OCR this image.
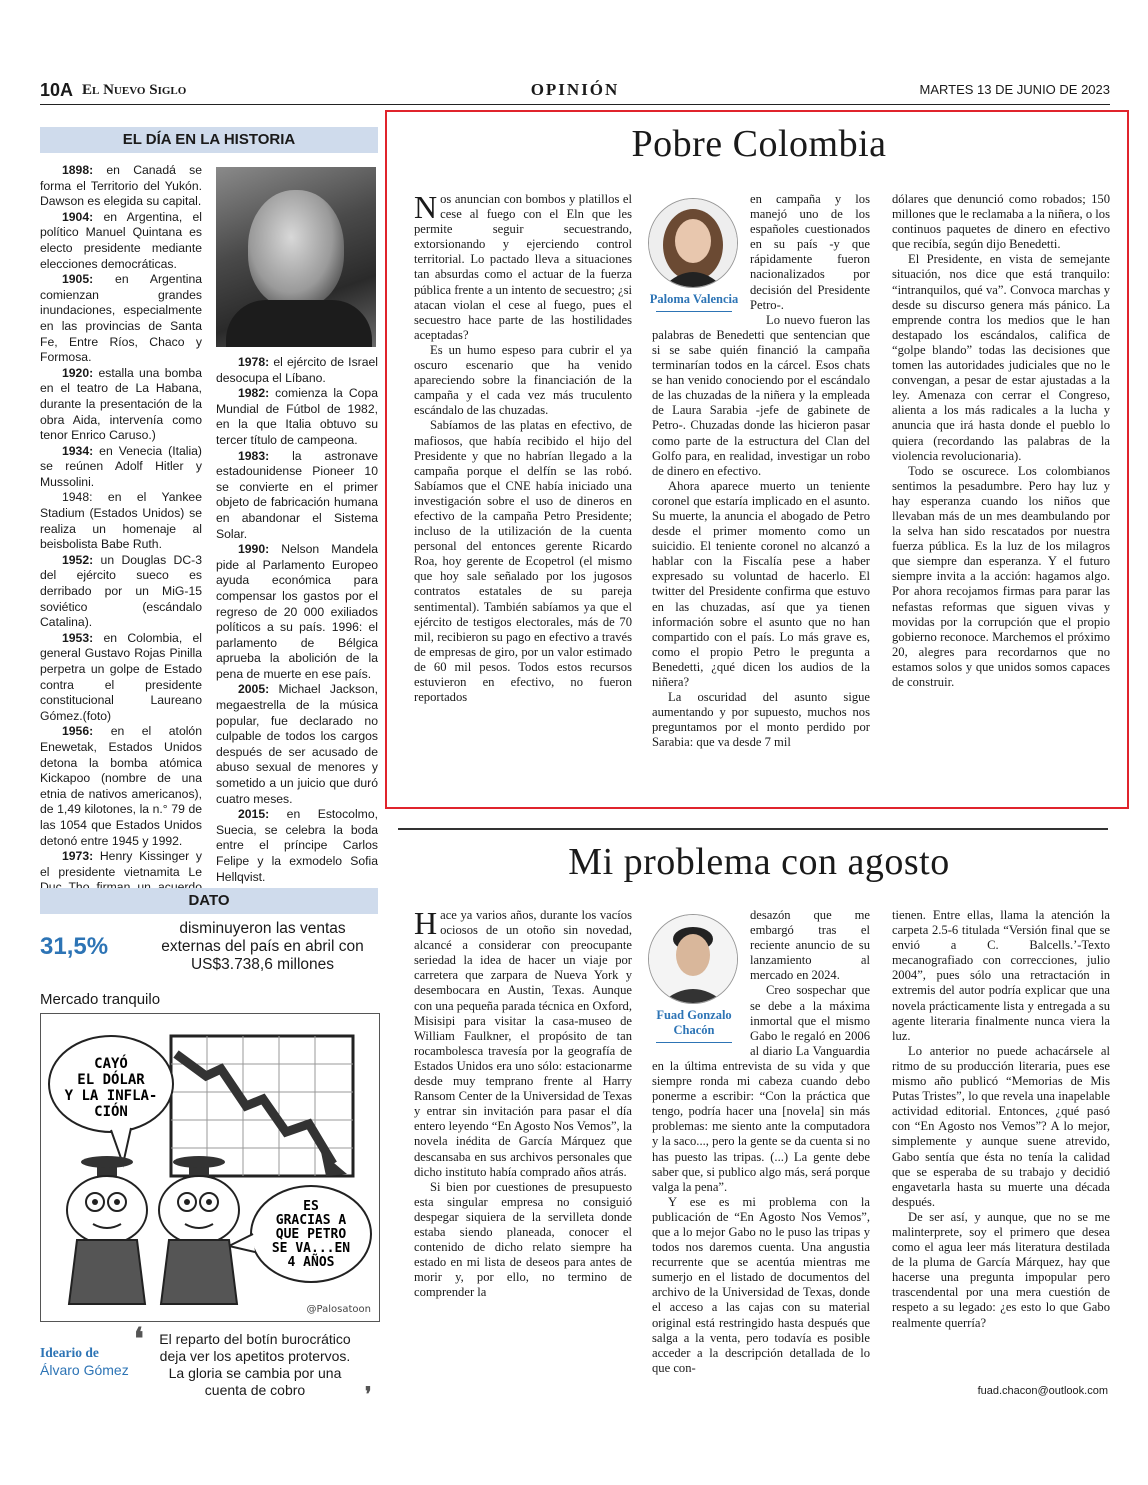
10A El Nuevo Siglo	OPINIÓN	MARTES 13 DE JUNIO DE 2023
EL DÍA EN LA HISTORIA

1898: en Canadá se forma el Territorio del Yukón. Dawson es elegida su capital.

1904: en Argentina, el político Manuel Quintana es electo presidente mediante elecciones democráticas.

1905: en Argentina comienzan grandes inundaciones, especialmente en las provincias de Santa Fe, Entre Ríos, Chaco y Formosa.

1920: estalla una bomba en el teatro de La Habana, durante la presentación de la obra Aida, intervenía como tenor Enrico Caruso.)

1934: en Venecia (Italia) se reúnen Adolf Hitler y Mussolini.

1948: en el Yankee Stadium (Estados Unidos) se realiza un homenaje al beisbolista Babe Ruth.

1952: un Douglas DC-3 del ejército sueco es derribado por un MiG-15 soviético (escándalo Catalina).

1953: en Colombia, el general Gustavo Rojas Pinilla perpetra un golpe de Estado contra el presidente constitucional Laureano Gómez.(foto)

1956: en el atolón Enewetak, Estados Unidos detona la bomba atómica Kickapoo (nombre de una etnia de nativos americanos), de 1,49 kilotones, la n.° 79 de las 1054 que Estados Unidos detonó entre 1945 y 1992.

1973: Henry Kissinger y el presidente vietnamita Le

1978: el ejército de Israel desocupa el Líbano.

1982: comienza la Copa Mundial de Fútbol de 1982, en la que Italia obtuvo su tercer título de campeona.

1983: la astronave estadounidense Pioneer 10 se convierte en el primer objeto de fabricación humana en abandonar el Sistema Solar.

1990: Nelson Mandela pide al Parlamento Europeo ayuda económica para compensar los gastos por el regreso de 20 000 exiliados políticos a su país. 1996: el parlamento de Bélgica aprueba la abolición de la pena de muerte en ese país.

2005: Michael Jackson, megaestrella de la música popular, fue declarado no culpable de todos los cargos después de ser acusado de abuso sexual de menores y sometido a un juicio que duró cuatro meses.

2015: en Estocolmo, Suecia, se celebra la boda entre el príncipe Carlos Felipe y la exmodelo Sofia Hellqvist.

DATO
31,5%
disminuyeron las ventas externas del país en abril con US$3.738,6 millones
Mercado tranquilo
CAYÓ
EL DÓLAR
Y LA INFLA-
CIÓN
ES
GRACIAS A
QUE PETRO
SE VA...EN
4 AÑOS
@Palosatoon
Ideario de
Álvaro Gómez
❛	El reparto del botín burocrático deja ver los apetitos protervos. La gloria se cambia por una cuenta de cobro	❜
Pobre Colombia

Nos anuncian con bombos y platillos el cese al fuego con el Eln que les permite seguir secuestrando, extorsionando y ejerciendo control territorial. Lo pactado lleva a situaciones tan absurdas como el actuar de la fuerza pública frente a un intento de secuestro; ¿si atacan violan el cese al fuego, pues el secuestro hace parte de las hostilidades aceptadas?

Es un humo espeso para cubrir el ya oscuro escenario que ha venido apareciendo sobre la financiación de la campaña y el cada vez más truculento escándalo de las chuzadas.

Sabíamos de las platas en efectivo, de mafiosos, que había recibido el hijo del Presidente y que no habrían llegado a la campaña porque el delfín se las robó. Sabíamos que el CNE había iniciado una investigación sobre el uso de dineros en efectivo de la campaña Petro Presidente; incluso de la utilización de la cuenta personal del entonces gerente Ricardo Roa, hoy gerente de Ecopetrol (el mismo que hoy sale señalado por los jugosos contratos estatales de su pareja sentimental). También sabíamos ya que el ejército de testigos electorales, más de 70 mil, recibieron su pago en efectivo a través de empresas de giro, por un valor estimado de 60 mil pesos. Todos estos recursos estuvieron en efectivo, no fueron reportados

Paloma Valencia

en campaña y los manejó uno de los españoles cuestionados en su país -y que rápidamente fueron nacionalizados por decisión del Presidente Petro-.

Lo nuevo fueron las palabras de Benedetti que sentencian que si se sabe quién financió la campaña terminarían todos en la cárcel. Esos chats se han venido conociendo por el escándalo de las chuzadas de la niñera y la empleada de Laura Sarabia -jefe de gabinete de Petro-. Chuzadas donde las hicieron pasar como parte de la estructura del Clan del Golfo para, en realidad, investigar un robo de dinero en efectivo.

Ahora aparece muerto un teniente coronel que estaría implicado en el asunto. Su muerte, la anuncia el abogado de Petro desde el primer momento como un suicidio. El teniente coronel no alcanzó a hablar con la Fiscalía pese a haber expresado su voluntad de hacerlo. El twitter del Presidente confirma que estuvo en las chuzadas, así que ya tienen información sobre el asunto que no han compartido con el país. Lo más grave es, como el propio Petro le pregunta a Benedetti, ¿qué dicen los audios de la niñera?

La oscuridad del asunto sigue aumentando y por supuesto, muchos nos preguntamos por el monto perdido por Sarabia: que va desde 7 mil

dólares que denunció como robados; 150 millones que le reclamaba a la niñera, o los continuos paquetes de dinero en efectivo que recibía, según dijo Benedetti.

El Presidente, en vista de semejante situación, nos dice que está tranquilo: “intranquilos, qué va”. Convoca marchas y desde su discurso genera más pánico. La emprende contra los medios que le han destapado los escándalos, califica de “golpe blando” todas las decisiones que tomen las autoridades judiciales que no le convengan, a pesar de estar ajustadas a la ley. Amenaza con cerrar el Congreso, alienta a los más radicales a la lucha y anuncia que irá hasta donde el pueblo lo quiera (recordando las palabras de la violencia revolucionaria).

Todo se oscurece. Los colombianos sentimos la pesadumbre. Pero hay luz y hay esperanza cuando los niños que llevaban más de un mes deambulando por la selva han sido rescatados por nuestra fuerza pública. Es la luz de los milagros que siempre dan esperanza. Y el futuro siempre invita a la acción: hagamos algo. Por ahora recojamos firmas para parar las nefastas reformas que siguen vivas y movidas por la corrupción que el propio gobierno reconoce. Marchemos el próximo 20, alegres para recordarnos que no estamos solos y que unidos somos capaces de construir.

Mi problema con agosto

Hace ya varios años, durante los vacíos ociosos de un otoño sin novedad, alcancé a considerar con preocupante seriedad la idea de hacer un viaje por carretera que zarpara de Nueva York y desembocara en Austin, Texas. Aunque con una pequeña parada técnica en Oxford, Misisipi para visitar la casa-museo de William Faulkner, el propósito de tan rocambolesca travesía por la geografía de Estados Unidos era uno sólo: estacionarme desde muy temprano frente al Harry Ransom Center de la Universidad de Texas y entrar sin invitación para pasar el día entero leyendo “En Agosto Nos Vemos”, la novela inédita de García Márquez que descansaba en sus archivos personales que dicho instituto había comprado años atrás.

Si bien por cuestiones de presupuesto esta singular empresa no consiguió despegar siquiera de la servilleta donde estaba siendo planeada, conocer el contenido de dicho relato siempre ha estado en mi lista de deseos para antes de morir y, por ello, no termino de comprender la

Fuad Gonzalo Chacón

desazón que me embargó tras el reciente anuncio de su lanzamiento al mercado en 2024.

Creo sospechar que se debe a la máxima inmortal que el mismo Gabo le regaló en 2006 al diario La Vanguardia en la última entrevista de su vida y que siempre ronda mi cabeza cuando debo ponerme a escribir: “Con la práctica que tengo, podría hacer una [novela] sin más problemas: me siento ante la computadora y la saco..., pero la gente se da cuenta si no has puesto las tripas. (...) La gente debe saber que, si publico algo más, será porque valga la pena”.

Y ese es mi problema con la publicación de “En Agosto Nos Vemos”, que a lo mejor Gabo no le puso las tripas y todos nos daremos cuenta. Una angustia recurrente que se acentúa mientras me sumerjo en el listado de documentos del archivo de la Universidad de Texas, donde el acceso a las cajas con su material original está restringido hasta después que salga a la venta, pero todavía es posible acceder a la descripción detallada de lo que con-

tienen. Entre ellas, llama la atención la carpeta 2.5-6 titulada “Versión final que se envió a C. Balcells.’-Texto mecanografiado con correcciones, julio 2004”, pues sólo una retractación in extremis del autor podría explicar que una novela prácticamente lista y entregada a su agente literaria finalmente nunca viera la luz.

Lo anterior no puede achacársele al ritmo de su producción literaria, pues ese mismo año publicó “Memorias de Mis Putas Tristes”, lo que revela una inapelable actividad editorial. Entonces, ¿qué pasó con “En Agosto nos Vemos”? A lo mejor, simplemente y aunque suene atrevido, Gabo sentía que ésta no tenía la calidad que se esperaba de su trabajo y decidió engavetarla hasta su muerte una década después.

De ser así, y aunque, que no se me malinterprete, soy el primero que desea como el agua leer más literatura destilada de la pluma de García Márquez, hay que hacerse una pregunta impopular pero trascendental por una mera cuestión de respeto a su legado: ¿es esto lo que Gabo realmente querría?

fuad.chacon@outlook.com
